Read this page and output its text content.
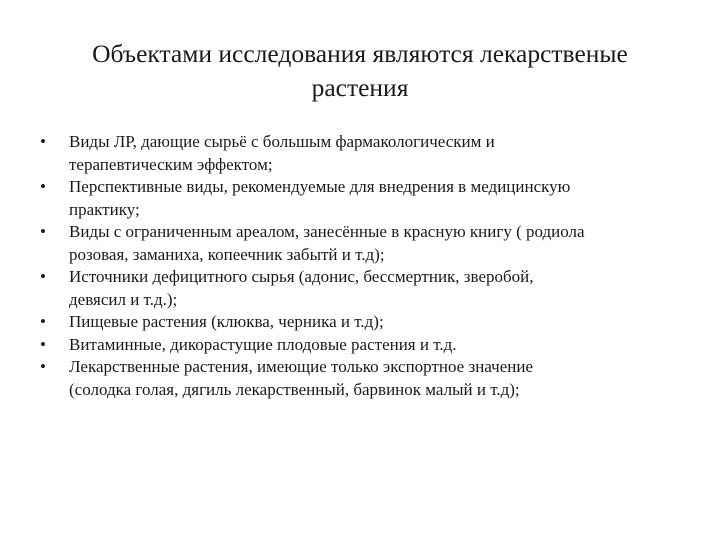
Объектами исследования являются лекарственые
растения
• Виды ЛР, дающие сырьё с большым фармакологическим и
терапевтическим эффектом;
• Перспективные виды, рекомендуемые для внедрения в медицинскую
практику;
• Виды с ограниченным ареалом, занесённые в красную книгу ( родиола
розовая, заманиха, копеечник забытй и т.д);
• Источники дефицитного сырья (адонис, бессмертник, зверобой,
девясил и т.д.);
• Пищевые растения (клюква, черника и т.д);
• Витаминные, дикорастущие плодовые растения и т.д.
• Лекарственные растения, имеющие только экспортное значение
(солодка голая, дягиль лекарственный, барвинок малый и т.д);
